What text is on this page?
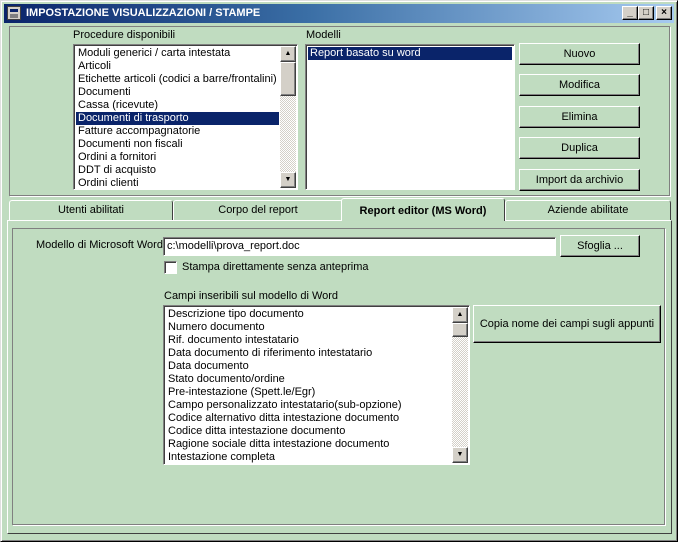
IMPOSTAZIONE VISUALIZZAZIONI / STAMPE	_	□	×
Procedure disponibili
Moduli generici / carta intestata
Articoli
Etichette articoli (codici a barre/frontalini)
Documenti
Cassa (ricevute)
Documenti di trasporto
Fatture accompagnatorie
Documenti non fiscali
Ordini a fornitori
DDT di acquisto
Ordini clienti
▲
▼
Modelli
Report basato su word	Nuovo
Modifica
Elimina
Duplica
Import da archivio
Utenti abilitati	Corpo del report	Report editor (MS Word)	Aziende abilitate
Modello di Microsoft Word c:\modelli\prova_report.doc	Sfoglia ...
Stampa direttamente senza anteprima
Campi inseribili sul modello di Word
Descrizione tipo documento
Numero documento
Rif. documento intestatario
Data documento di riferimento intestatario
Data documento
Stato documento/ordine
Pre-intestazione (Spett.le/Egr)
Campo personalizzato intestatario(sub-opzione)
Codice alternativo ditta intestazione documento
Codice ditta intestazione documento
Ragione sociale ditta intestazione documento
Intestazione completa
▲
▼
Copia nome dei campi sugli appunti
